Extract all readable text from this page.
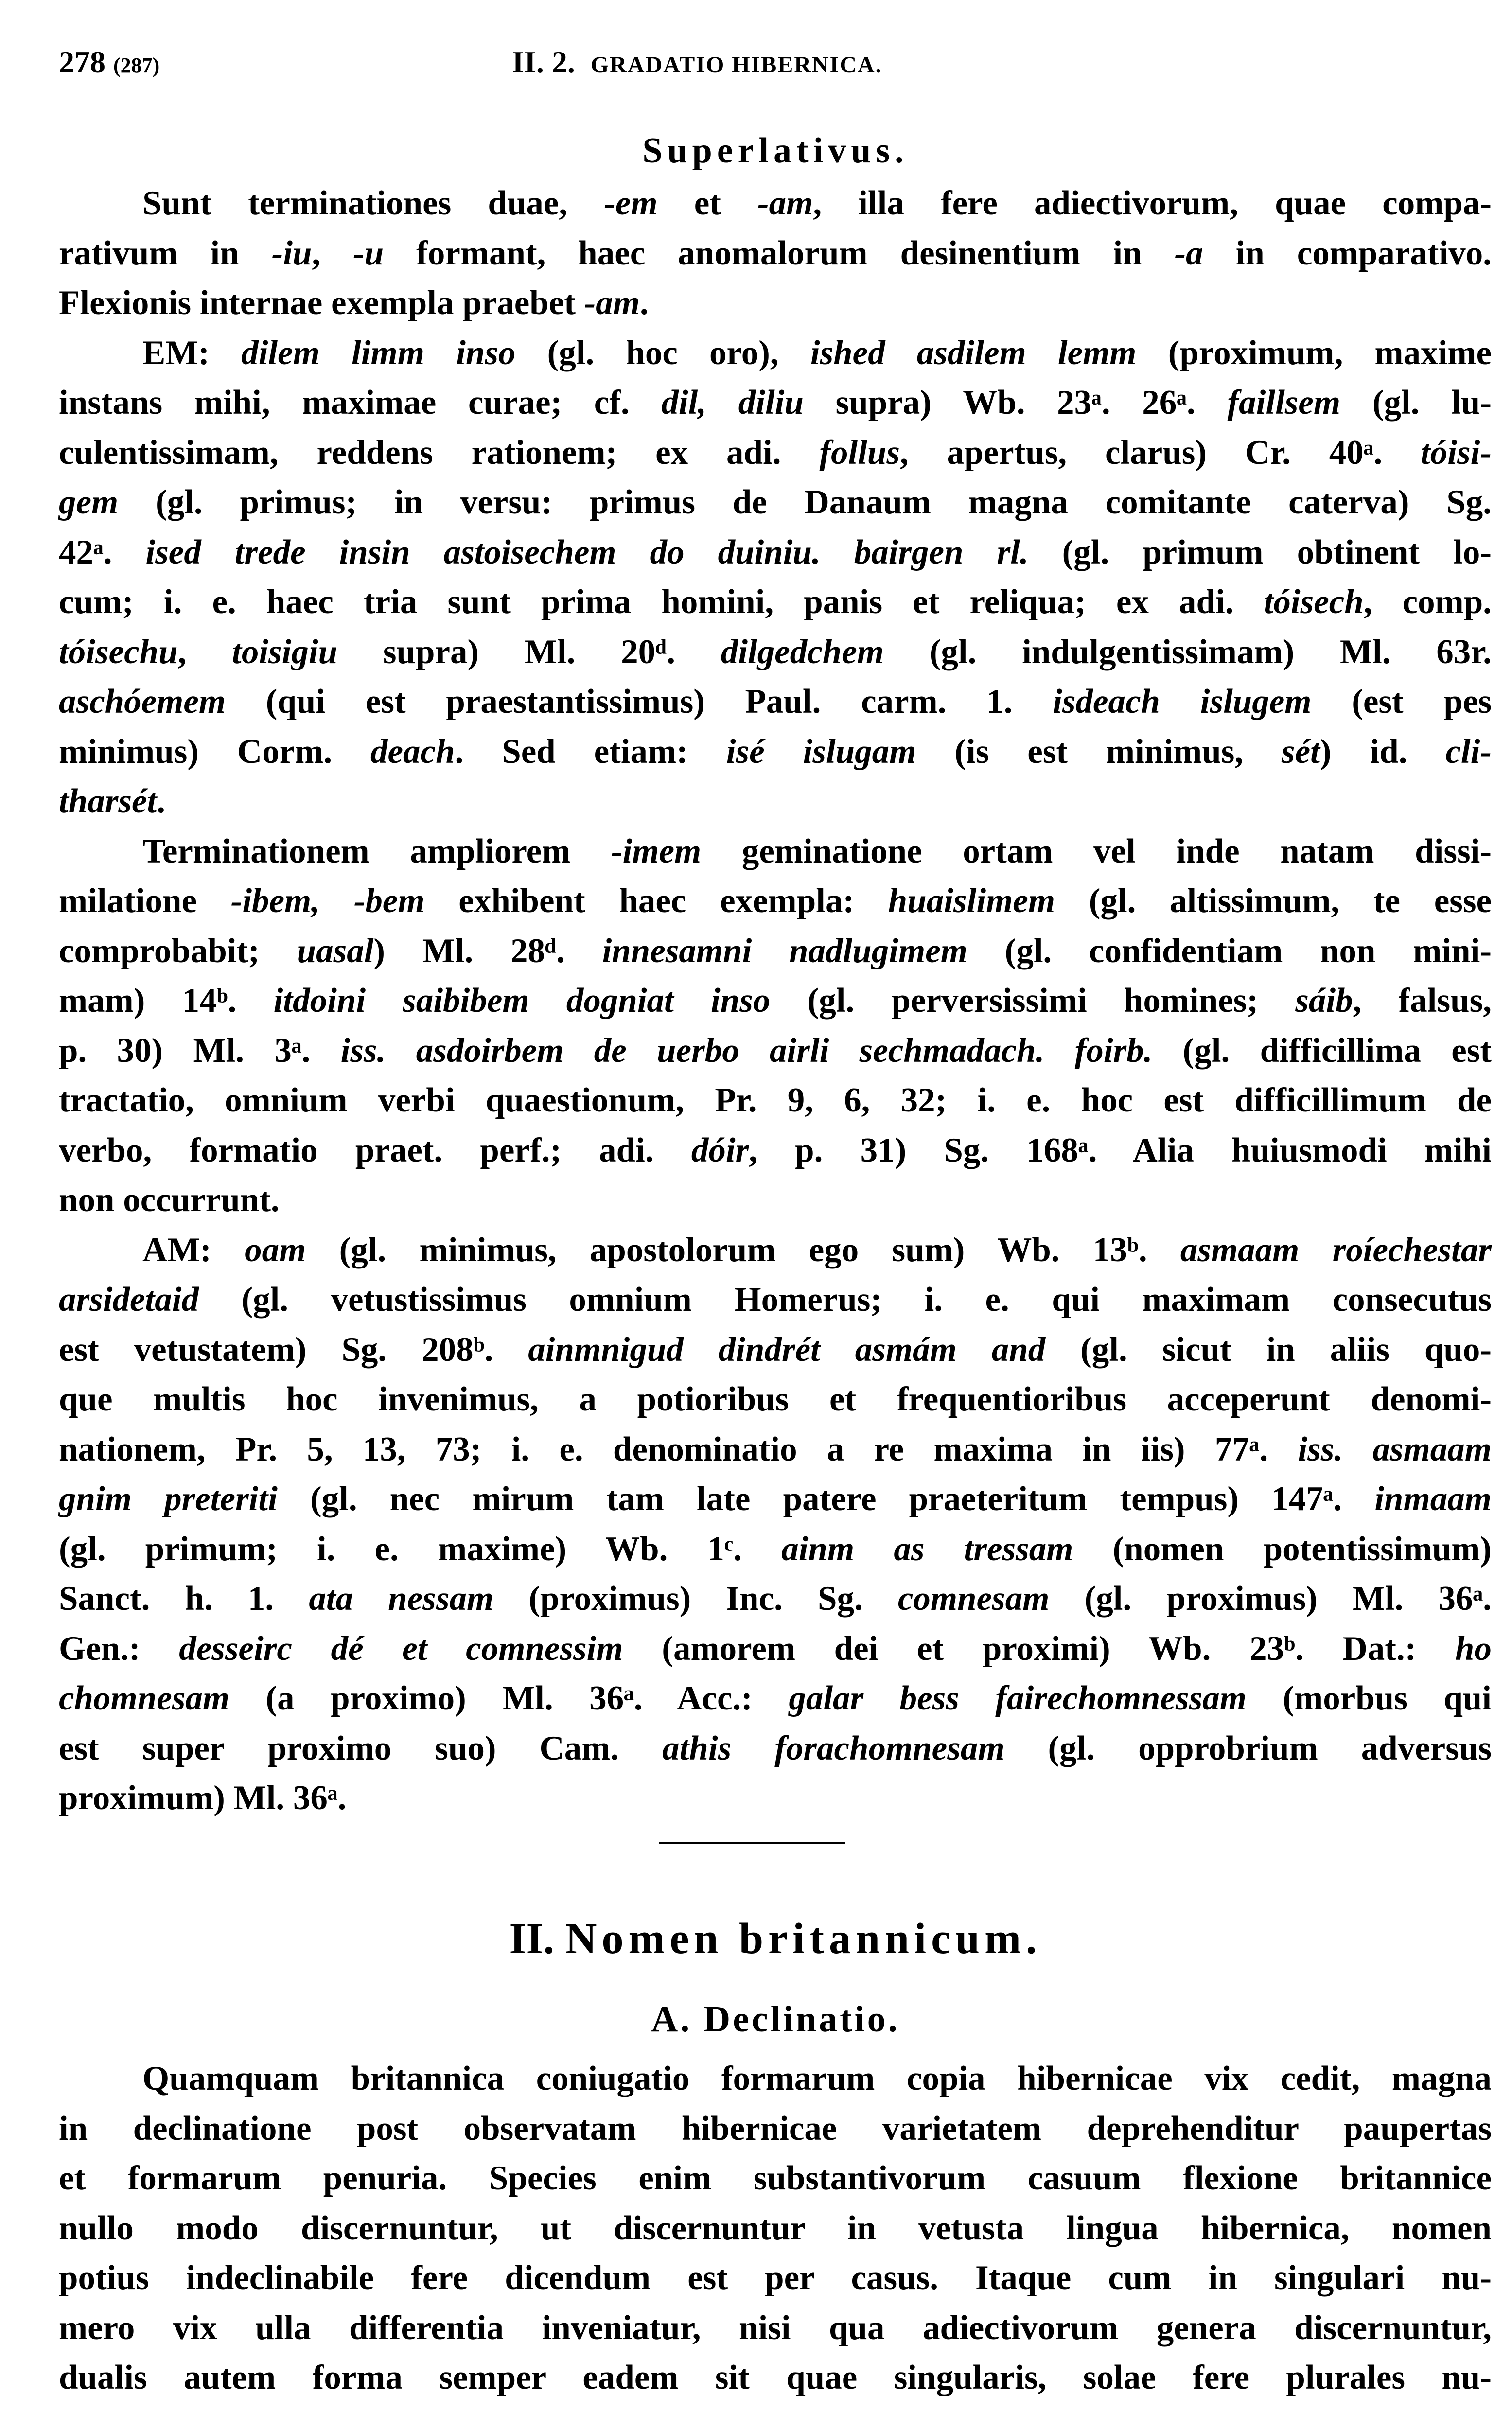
278 (287)	II. 2. GRADATIO HIBERNICA.
Superlativus.
Sunt terminationes duae, -em et -am, illa fere adiectivorum, quae compa-
rativum in -iu, -u formant, haec anomalorum desinentium in -a in comparativo.
Flexionis internae exempla praebet -am.
EM: dilem limm inso (gl. hoc oro), ished asdilem lemm (proximum, maxime
instans mihi, maximae curae; cf. dil, diliu supra) Wb. 23ᵃ. 26ᵃ. faillsem (gl. lu-
culentissimam, reddens rationem; ex adi. follus, apertus, clarus) Cr. 40ᵃ. tóisi-
gem (gl. primus; in versu: primus de Danaum magna comitante caterva) Sg.
42ᵃ. ised trede insin astoisechem do duiniu. bairgen rl. (gl. primum obtinent lo-
cum; i. e. haec tria sunt prima homini, panis et reliqua; ex adi. tóisech, comp.
tóisechu, toisigiu supra) Ml. 20ᵈ. dilgedchem (gl. indulgentissimam) Ml. 63r.
aschóemem (qui est praestantissimus) Paul. carm. 1. isdeach islugem (est pes
minimus) Corm. deach. Sed etiam: isé islugam (is est minimus, sét) id. cli-
tharsét.
Terminationem ampliorem -imem geminatione ortam vel inde natam dissi-
milatione -ibem, -bem exhibent haec exempla: huaislimem (gl. altissimum, te esse
comprobabit; uasal) Ml. 28ᵈ. innesamni nadlugimem (gl. confidentiam non mini-
mam) 14ᵇ. itdoini saibibem dogniat inso (gl. perversissimi homines; sáib, falsus,
p. 30) Ml. 3ᵃ. iss. asdoirbem de uerbo airli sechmadach. foirb. (gl. difficillima est
tractatio, omnium verbi quaestionum, Pr. 9, 6, 32; i. e. hoc est difficillimum de
verbo, formatio praet. perf.; adi. dóir, p. 31) Sg. 168ᵃ. Alia huiusmodi mihi
non occurrunt.
AM: oam (gl. minimus, apostolorum ego sum) Wb. 13ᵇ. asmaam roíechestar
arsidetaid (gl. vetustissimus omnium Homerus; i. e. qui maximam consecutus
est vetustatem) Sg. 208ᵇ. ainmnigud dindrét asmám and (gl. sicut in aliis quo-
que multis hoc invenimus, a potioribus et frequentioribus acceperunt denomi-
nationem, Pr. 5, 13, 73; i. e. denominatio a re maxima in iis) 77ᵃ. iss. asmaam
gnim preteriti (gl. nec mirum tam late patere praeteritum tempus) 147ᵃ. inmaam
(gl. primum; i. e. maxime) Wb. 1ᶜ. ainm as tressam (nomen potentissimum)
Sanct. h. 1. ata nessam (proximus) Inc. Sg. comnesam (gl. proximus) Ml. 36ᵃ.
Gen.: desseirc dé et comnessim (amorem dei et proximi) Wb. 23ᵇ. Dat.: ho
chomnesam (a proximo) Ml. 36ᵃ. Acc.: galar bess fairechomnessam (morbus qui
est super proximo suo) Cam. athis forachomnesam (gl. opprobrium adversus
proximum) Ml. 36ᵃ.
II. Nomen britannicum.
A. Declinatio.
Quamquam britannica coniugatio formarum copia hibernicae vix cedit, magna
in declinatione post observatam hibernicae varietatem deprehenditur paupertas
et formarum penuria. Species enim substantivorum casuum flexione britannice
nullo modo discernuntur, ut discernuntur in vetusta lingua hibernica, nomen
potius indeclinabile fere dicendum est per casus. Itaque cum in singulari nu-
mero vix ulla differentia inveniatur, nisi qua adiectivorum genera discernuntur,
dualis autem forma semper eadem sit quae singularis, solae fere plurales nu-
